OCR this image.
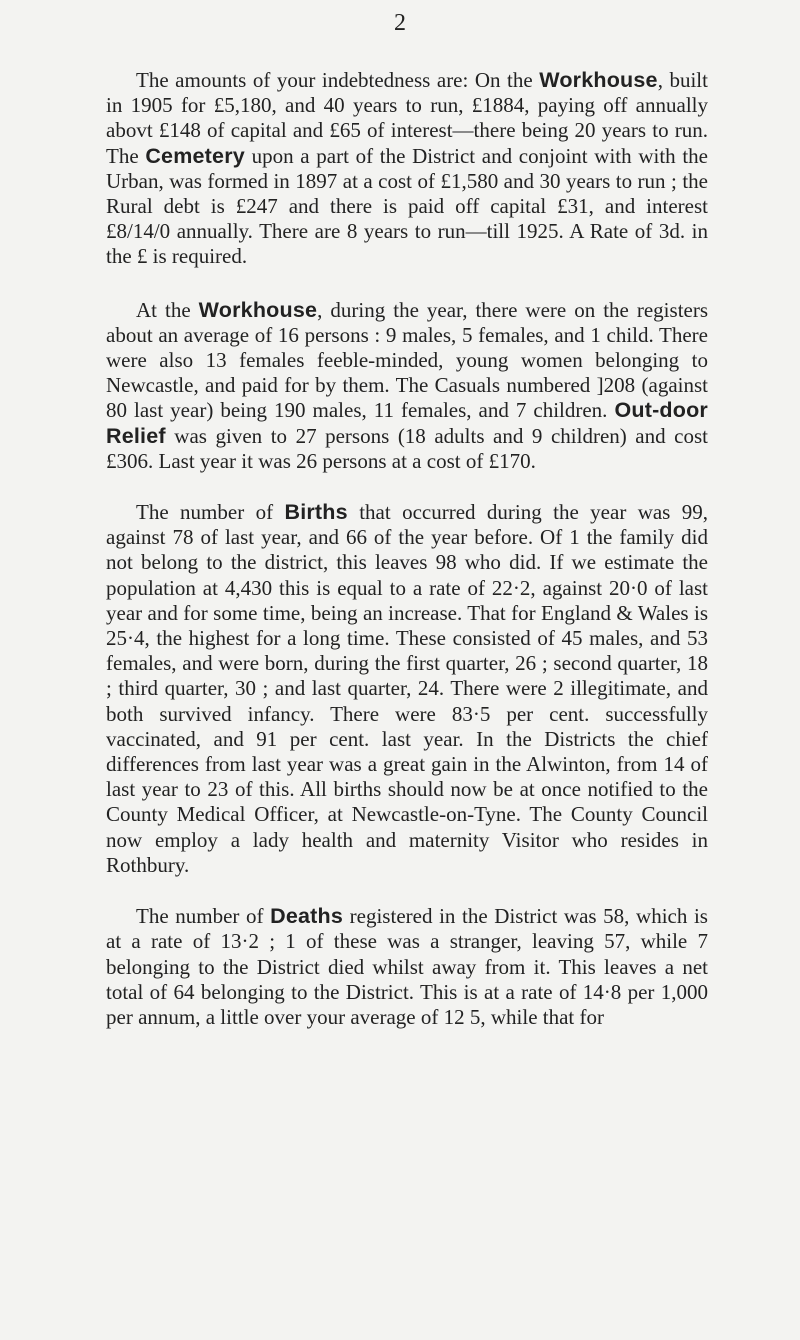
2

The amounts of your indebtedness are: On the Workhouse, built in 1905 for £5,180, and 40 years to run, £1884, paying off annually abovt £148 of capital and £65 of interest—there being 20 years to run. The Cemetery upon a part of the District and conjoint with with the Urban, was formed in 1897 at a cost of £1,580 and 30 years to run ; the Rural debt is £247 and there is paid off capital £31, and interest £8/14/0 annually. There are 8 years to run—till 1925. A Rate of 3d. in the £ is required.

At the Workhouse, during the year, there were on the registers about an average of 16 persons : 9 males, 5 females, and 1 child. There were also 13 females feeble-minded, young women belonging to Newcastle, and paid for by them. The Casuals numbered ]208 (against 80 last year) being 190 males, 11 females, and 7 children. Out-door Relief was given to 27 persons (18 adults and 9 children) and cost £306. Last year it was 26 persons at a cost of £170.

The number of Births that occurred during the year was 99, against 78 of last year, and 66 of the year before. Of 1 the family did not belong to the district, this leaves 98 who did. If we estimate the population at 4,430 this is equal to a rate of 22·2, against 20·0 of last year and for some time, being an increase. That for England & Wales is 25·4, the highest for a long time. These consisted of 45 males, and 53 females, and were born, during the first quarter, 26 ; second quarter, 18 ; third quarter, 30 ; and last quarter, 24. There were 2 illegitimate, and both survived infancy. There were 83·5 per cent. successfully vaccinated, and 91 per cent. last year. In the Districts the chief differences from last year was a great gain in the Alwinton, from 14 of last year to 23 of this. All births should now be at once notified to the County Medical Officer, at Newcastle-on-Tyne. The County Council now employ a lady health and maternity Visitor who resides in Rothbury.

The number of Deaths registered in the District was 58, which is at a rate of 13·2 ; 1 of these was a stranger, leaving 57, while 7 belonging to the District died whilst away from it. This leaves a net total of 64 belonging to the District. This is at a rate of 14·8 per 1,000 per annum, a little over your average of 12 5, while that for
